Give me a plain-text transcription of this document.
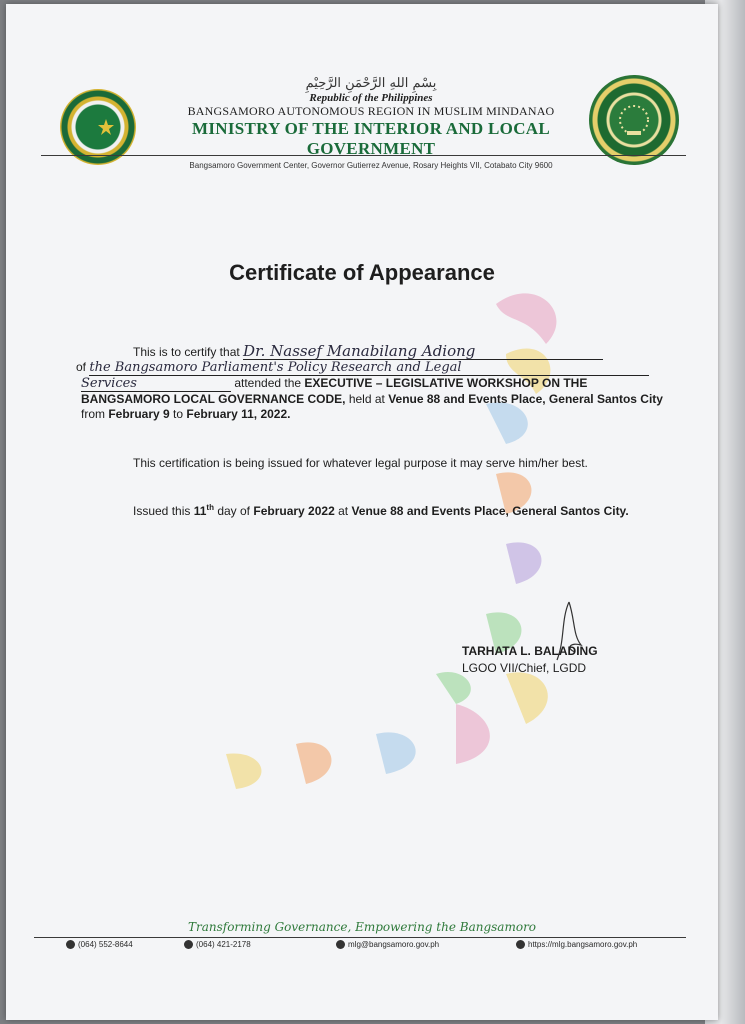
بِسْمِ اللهِ الرَّحْمَنِ الرَّحِيْمِ
Republic of the Philippines
BANGSAMORO AUTONOMOUS REGION IN MUSLIM MINDANAO
MINISTRY OF THE INTERIOR AND LOCAL GOVERNMENT
Bangsamoro Government Center, Governor Gutierrez Avenue, Rosary Heights VII, Cotabato City 9600
Certificate of Appearance
This is to certify that Dr. Nassef Manabilang Adiong
of the Bangsamoro Parliament's Policy Research and Legal
Services	attended the EXECUTIVE – LEGISLATIVE WORKSHOP ON THE BANGSAMORO LOCAL GOVERNANCE CODE, held at Venue 88 and Events Place, General Santos City from February 9 to February 11, 2022.
This certification is being issued for whatever legal purpose it may serve him/her best.
Issued this 11th day of February 2022 at Venue 88 and Events Place, General Santos City.
TARHATA L. BALADING
LGOO VII/Chief, LGDD
Transforming Governance, Empowering the Bangsamoro
(064) 552-8644	(064) 421-2178	mlg@bangsamoro.gov.ph	https://mlg.bangsamoro.gov.ph
